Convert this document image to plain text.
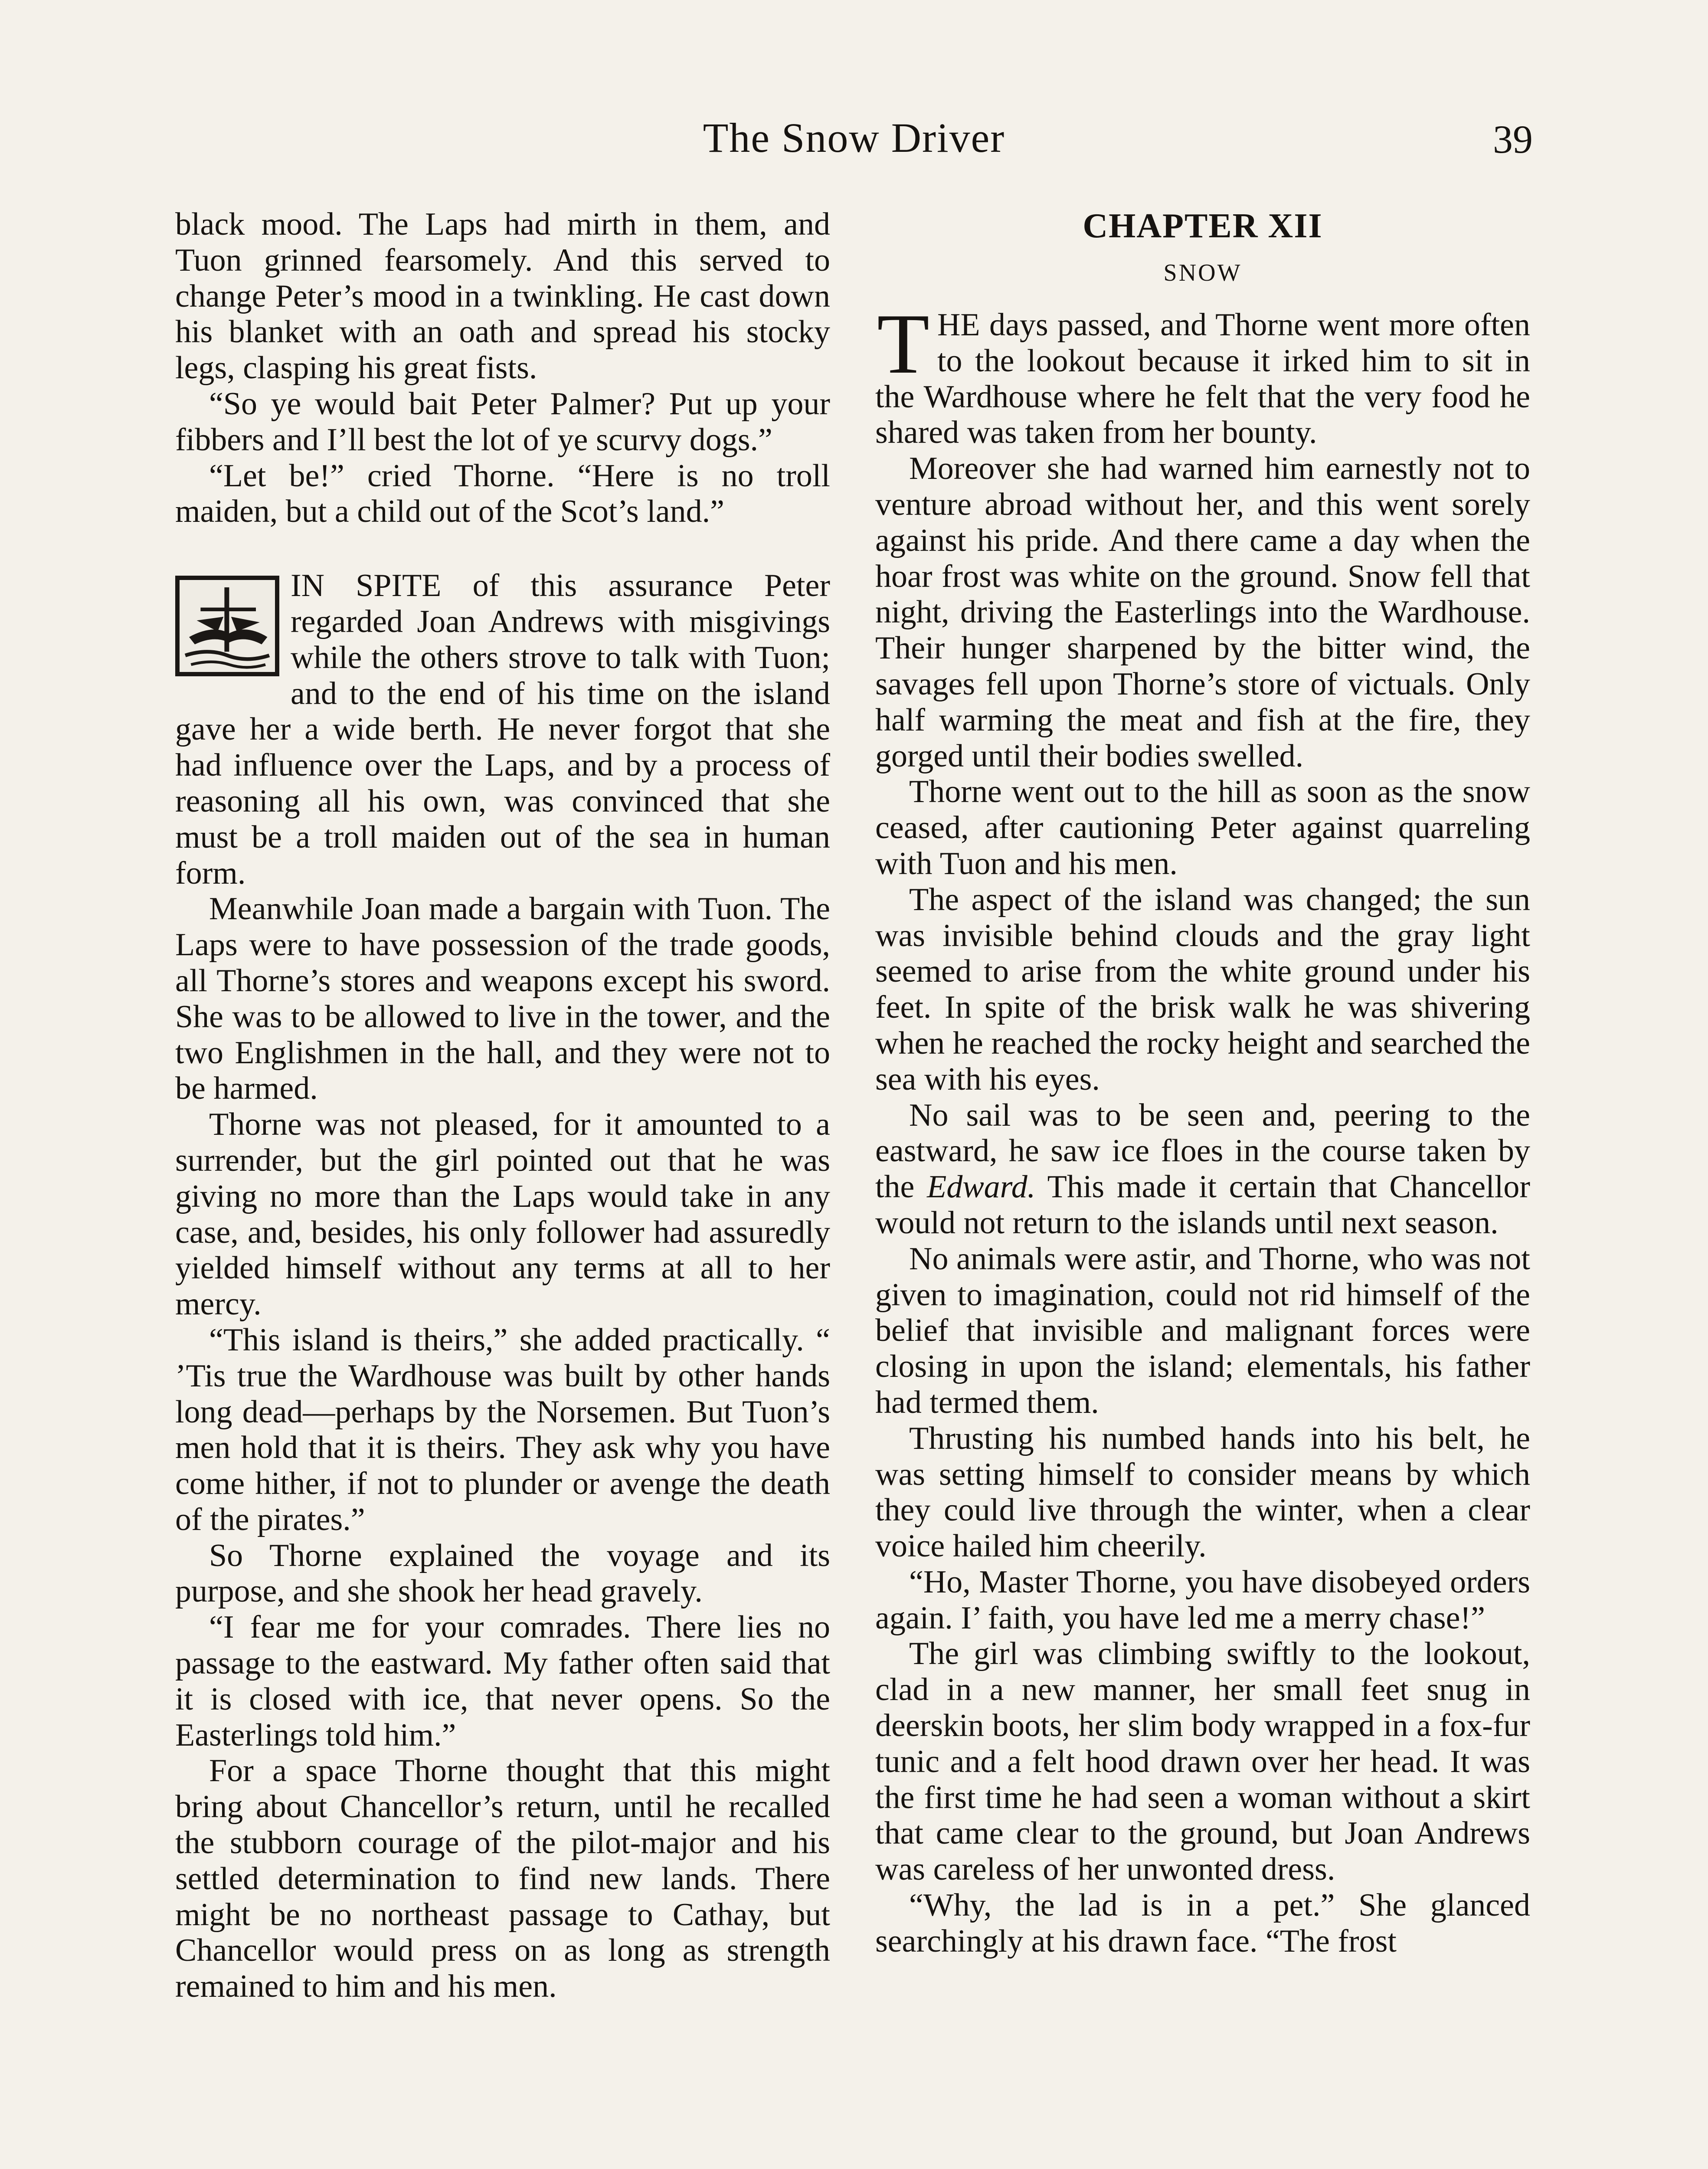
The Snow Driver	39

black mood. The Laps had mirth in them, and Tuon grinned fearsomely. And this served to change Peter’s mood in a twinkling. He cast down his blanket with an oath and spread his stocky legs, clasping his great fists.

“So ye would bait Peter Palmer? Put up your fibbers and I’ll best the lot of ye scurvy dogs.”

“Let be!” cried Thorne. “Here is no troll maiden, but a child out of the Scot’s land.”

IN SPITE of this assurance Peter regarded Joan Andrews with misgivings while the others strove to talk with Tuon; and to the end of his time on the island gave her a wide berth. He never forgot that she had influence over the Laps, and by a process of reasoning all his own, was convinced that she must be a troll maiden out of the sea in human form.

Meanwhile Joan made a bargain with Tuon. The Laps were to have possession of the trade goods, all Thorne’s stores and weapons except his sword. She was to be allowed to live in the tower, and the two Englishmen in the hall, and they were not to be harmed.

Thorne was not pleased, for it amounted to a surrender, but the girl pointed out that he was giving no more than the Laps would take in any case, and, besides, his only follower had assuredly yielded himself without any terms at all to her mercy.

“This island is theirs,” she added practically. “ ’Tis true the Wardhouse was built by other hands long dead—perhaps by the Norsemen. But Tuon’s men hold that it is theirs. They ask why you have come hither, if not to plunder or avenge the death of the pirates.”

So Thorne explained the voyage and its purpose, and she shook her head gravely.

“I fear me for your comrades. There lies no passage to the eastward. My father often said that it is closed with ice, that never opens. So the Easterlings told him.”

For a space Thorne thought that this might bring about Chancellor’s return, until he recalled the stubborn courage of the pilot-major and his settled determination to find new lands. There might be no northeast passage to Cathay, but Chancellor would press on as long as strength remained to him and his men.

CHAPTER XII
SNOW

THE days passed, and Thorne went more often to the lookout because it irked him to sit in the Wardhouse where he felt that the very food he shared was taken from her bounty.

Moreover she had warned him earnestly not to venture abroad without her, and this went sorely against his pride. And there came a day when the hoar frost was white on the ground. Snow fell that night, driving the Easterlings into the Wardhouse. Their hunger sharpened by the bitter wind, the savages fell upon Thorne’s store of victuals. Only half warming the meat and fish at the fire, they gorged until their bodies swelled.

Thorne went out to the hill as soon as the snow ceased, after cautioning Peter against quarreling with Tuon and his men.

The aspect of the island was changed; the sun was invisible behind clouds and the gray light seemed to arise from the white ground under his feet. In spite of the brisk walk he was shivering when he reached the rocky height and searched the sea with his eyes.

No sail was to be seen and, peering to the eastward, he saw ice floes in the course taken by the Edward. This made it certain that Chancellor would not return to the islands until next season.

No animals were astir, and Thorne, who was not given to imagination, could not rid himself of the belief that invisible and malignant forces were closing in upon the island; elementals, his father had termed them.

Thrusting his numbed hands into his belt, he was setting himself to consider means by which they could live through the winter, when a clear voice hailed him cheerily.

“Ho, Master Thorne, you have disobeyed orders again. I’ faith, you have led me a merry chase!”

The girl was climbing swiftly to the lookout, clad in a new manner, her small feet snug in deerskin boots, her slim body wrapped in a fox-fur tunic and a felt hood drawn over her head. It was the first time he had seen a woman without a skirt that came clear to the ground, but Joan Andrews was careless of her unwonted dress.

“Why, the lad is in a pet.” She glanced searchingly at his drawn face. “The frost
